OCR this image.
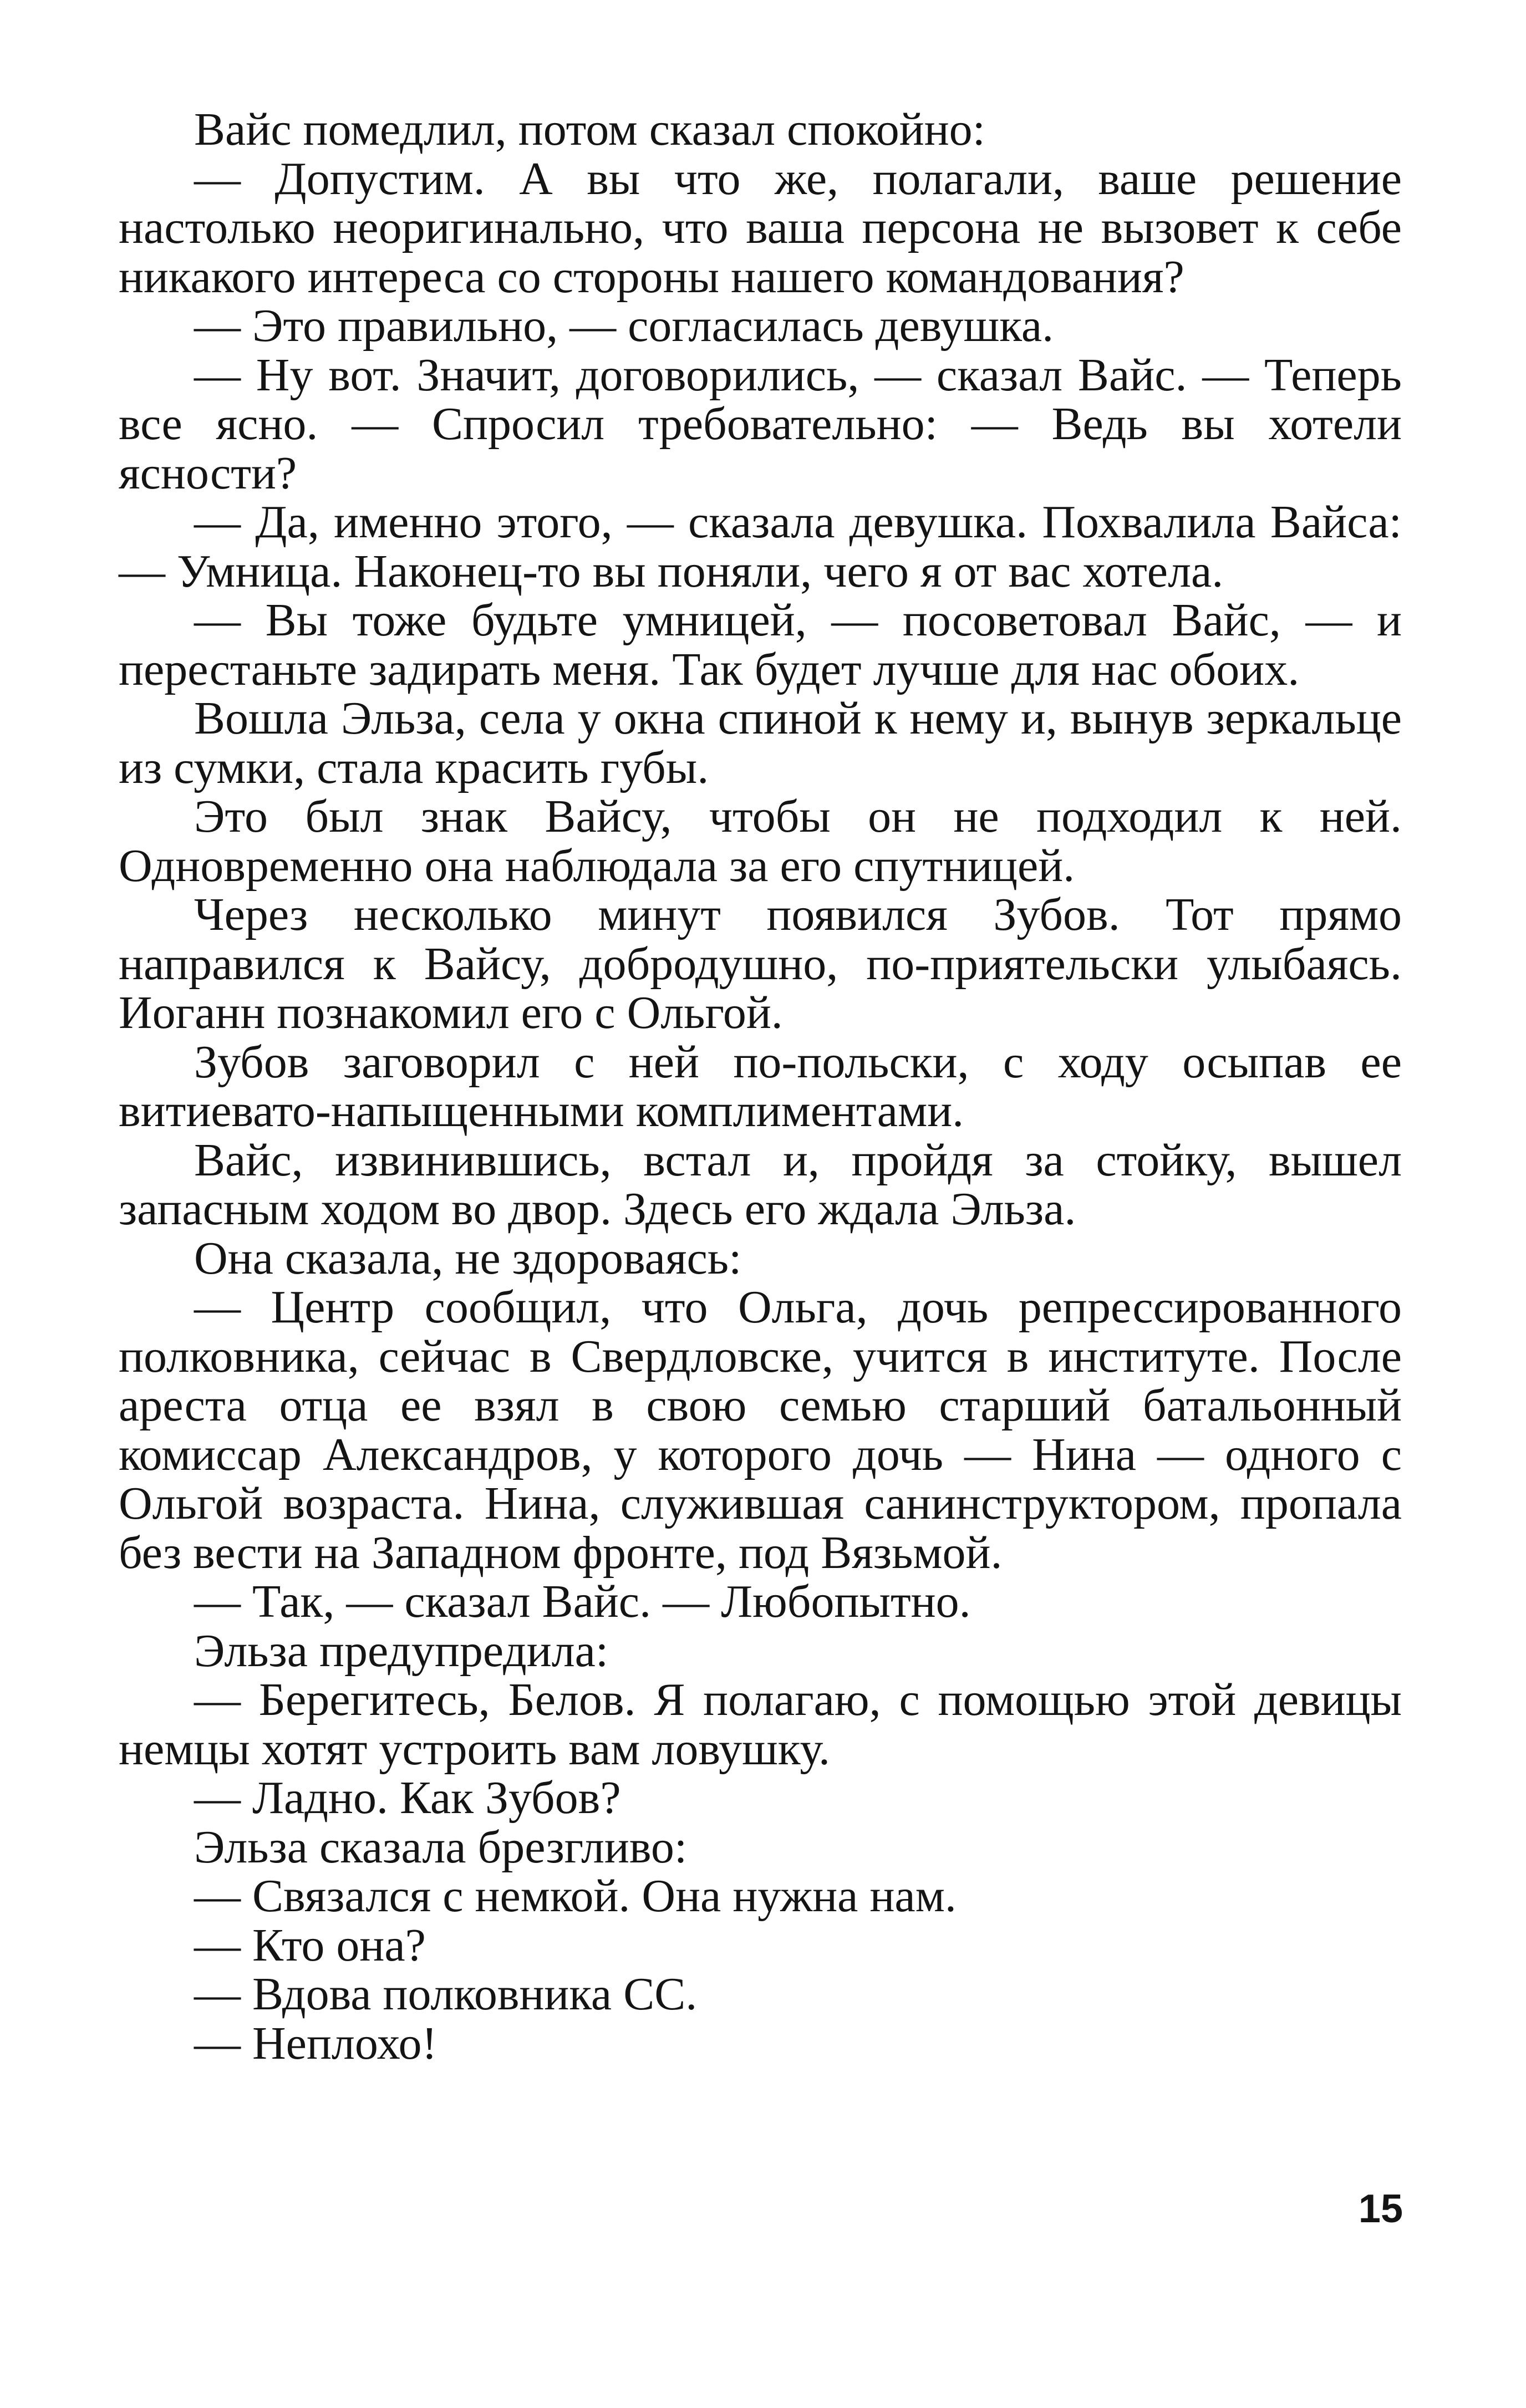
Вайс помедлил, потом сказал спокойно:

— Допустим. А вы что же, полагали, ваше решение настолько неоригинально, что ваша персона не вызовет к себе никакого интереса со стороны нашего командования?

— Это правильно, — согласилась девушка.

— Ну вот. Значит, договорились, — сказал Вайс. — Теперь все ясно. — Спросил требовательно: — Ведь вы хотели ясности?

— Да, именно этого, — сказала девушка. Похвалила Вайса: — Умница. Наконец-то вы поняли, чего я от вас хотела.

— Вы тоже будьте умницей, — посоветовал Вайс, — и перестаньте задирать меня. Так будет лучше для нас обоих.

Вошла Эльза, села у окна спиной к нему и, вынув зеркальце из сумки, стала красить губы.

Это был знак Вайсу, чтобы он не подходил к ней. Одновременно она наблюдала за его спутницей.

Через несколько минут появился Зубов. Тот прямо направился к Вайсу, добродушно, по-приятельски улыбаясь. Иоганн познакомил его с Ольгой.

Зубов заговорил с ней по-польски, с ходу осыпав ее витиевато-напыщенными комплиментами.

Вайс, извинившись, встал и, пройдя за стойку, вышел запасным ходом во двор. Здесь его ждала Эльза.

Она сказала, не здороваясь:

— Центр сообщил, что Ольга, дочь репрессированного полковника, сейчас в Свердловске, учится в институте. После ареста отца ее взял в свою семью старший батальонный комиссар Александров, у которого дочь — Нина — одного с Ольгой возраста. Нина, служившая санинструктором, пропала без вести на Западном фронте, под Вязьмой.

— Так, — сказал Вайс. — Любопытно.

Эльза предупредила:

— Берегитесь, Белов. Я полагаю, с помощью этой девицы немцы хотят устроить вам ловушку.

— Ладно. Как Зубов?

Эльза сказала брезгливо:

— Связался с немкой. Она нужна нам.

— Кто она?

— Вдова полковника СС.

— Неплохо!

15
